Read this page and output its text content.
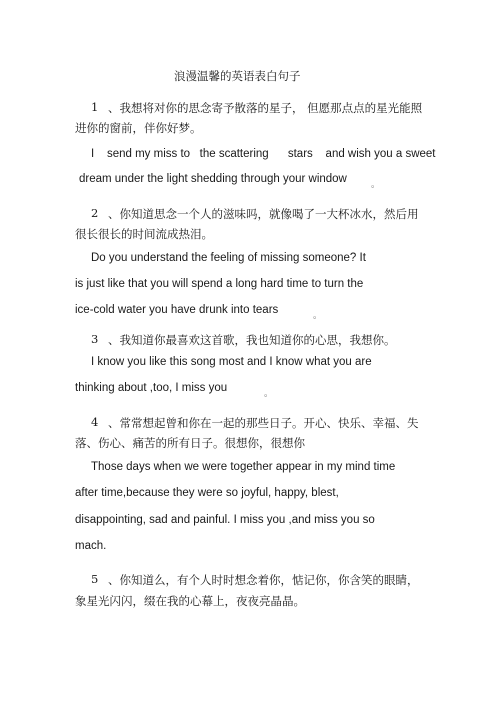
浪漫温馨的英语表白句子
1 、我想将对你的思念寄予散落的星子， 但愿那点点的星光能照
进你的窗前，伴你好梦。
I    send my miss to   the scattering      stars    and wish you a sweet
dream under the light shedding through your window	。
2 、你知道思念一个人的滋味吗，就像喝了一大杯冰水，然后用
很长很长的时间流成热泪。
Do you understand the feeling of missing someone? It
is just like that you will spend a long hard time to turn the
ice-cold water you have drunk into tears	。
3 、我知道你最喜欢这首歌，我也知道你的心思，我想你。
I know you like this song most and I know what you are
thinking about ,too, I miss you	。
4 、常常想起曾和你在一起的那些日子。开心、快乐、幸福、失
落、伤心、痛苦的所有日子。很想你，很想你
Those days when we were together appear in my mind time
after time,because they were so joyful, happy, blest,
disappointing, sad and painful. I miss you ,and miss you so
mach.
5 、你知道么，有个人时时想念着你，惦记你，你含笑的眼睛，
象星光闪闪，缀在我的心幕上，夜夜亮晶晶。
